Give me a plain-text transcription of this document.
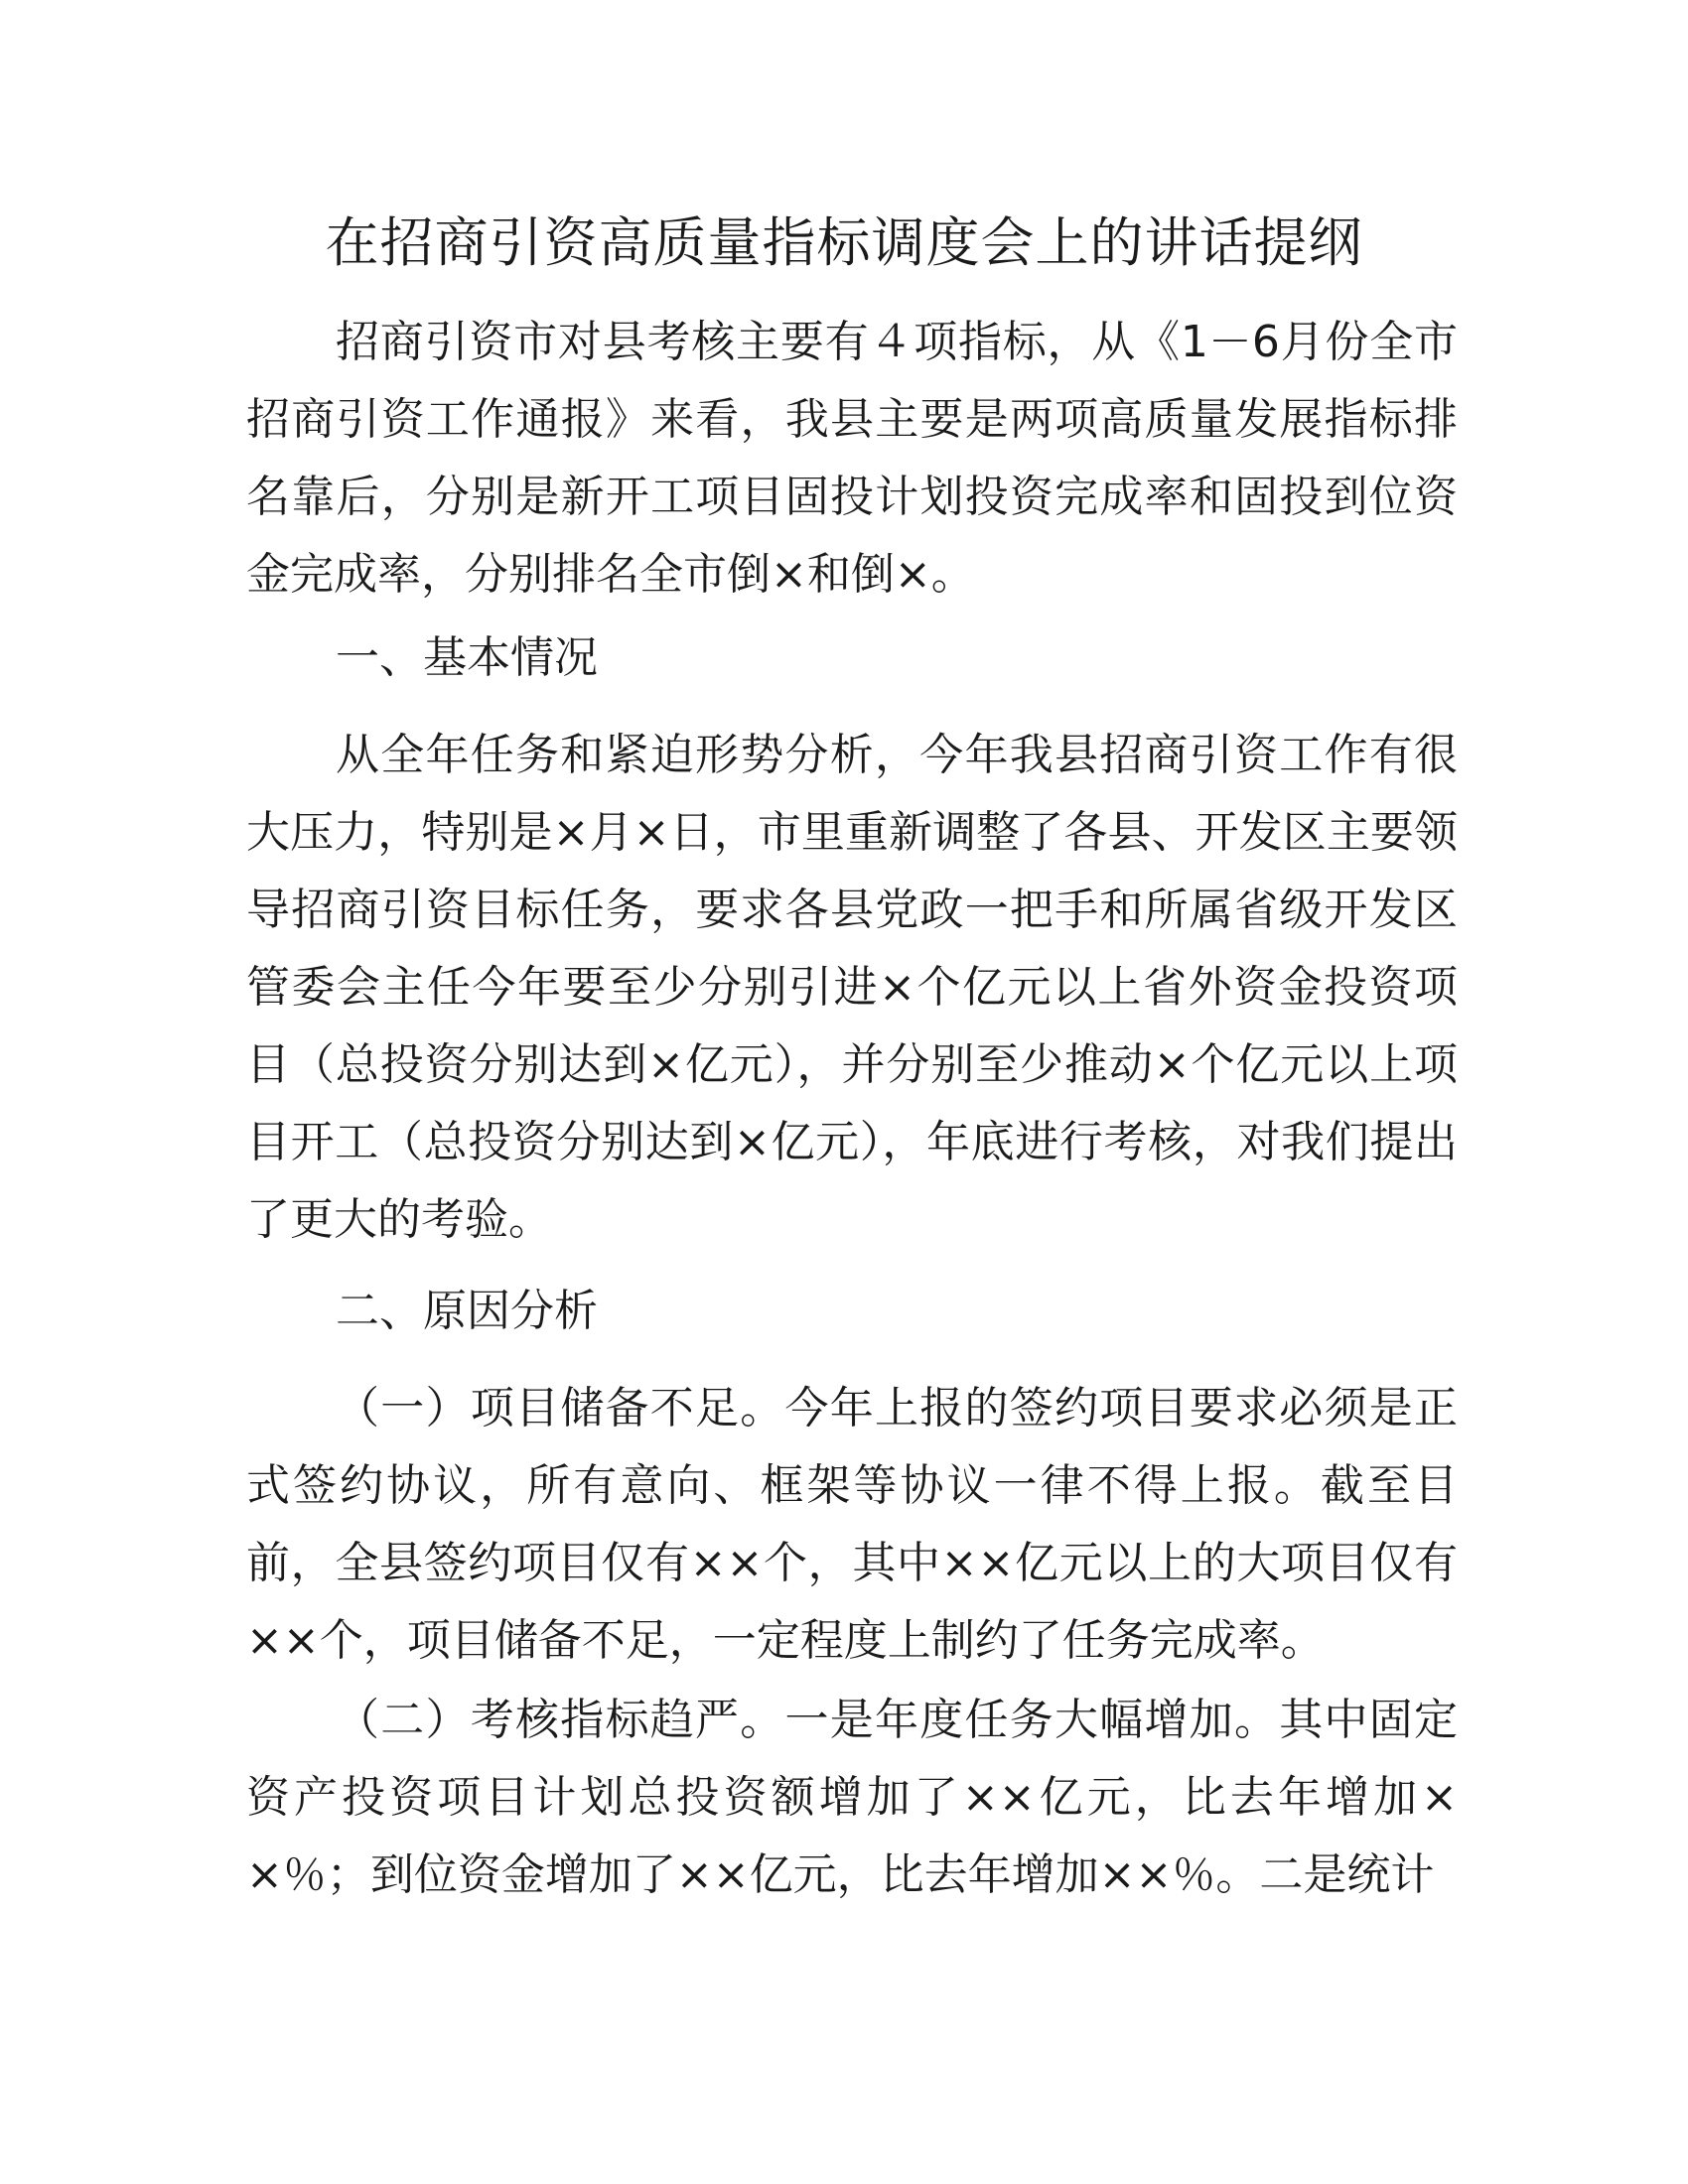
在招商引资高质量指标调度会上的讲话提纲

招商引资市对县考核主要有４项指标，从《1－6月份全市招商引资工作通报》来看，我县主要是两项高质量发展指标排名靠后，分别是新开工项目固投计划投资完成率和固投到位资金完成率，分别排名全市倒×和倒×。

一、基本情况

从全年任务和紧迫形势分析，今年我县招商引资工作有很大压力，特别是×月×日，市里重新调整了各县、开发区主要领导招商引资目标任务，要求各县党政一把手和所属省级开发区管委会主任今年要至少分别引进×个亿元以上省外资金投资项目（总投资分别达到×亿元），并分别至少推动×个亿元以上项目开工（总投资分别达到×亿元），年底进行考核，对我们提出了更大的考验。

二、原因分析

（一）项目储备不足。今年上报的签约项目要求必须是正式签约协议，所有意向、框架等协议一律不得上报。截至目前，全县签约项目仅有××个，其中××亿元以上的大项目仅有××个，项目储备不足，一定程度上制约了任务完成率。

（二）考核指标趋严。一是年度任务大幅增加。其中固定资产投资项目计划总投资额增加了××亿元，比去年增加××％；到位资金增加了××亿元，比去年增加××％。二是统计
